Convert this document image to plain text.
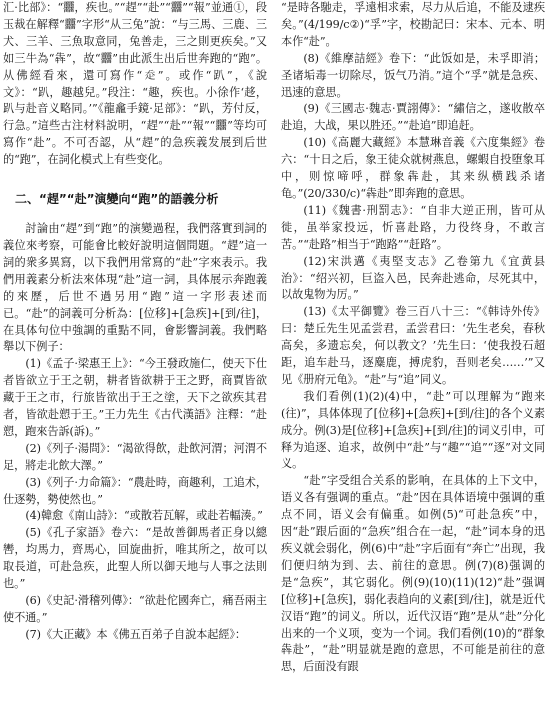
汇·比部》：“䨻，疾也。”“趕”“赴”“䨻”“報”並通①，段玉裁在解釋“䨻”字形“从三兔”說：“与三馬、三鹿、三犬、三羊、三魚取意同，兔善走，三之則更疾矣。”又如三牛為“犇”，故“䨻”由此派生出后世奔跑的“跑”。从佛經看來，還可寫作“𧺆”。或作“趴”，《說文》：“趴，趣越兒。”段注：“趣，疾也。小徐作‘趍，趴与赴音义略同。’”《龍龕手鏡·足部》：“趴，芳付反，行急。”這些古注材料說明，“趕”“赴”“報”“䨻”等均可寫作“赴”。不可否認，从“趕”的急疾義发展到后世的“跑”，在詞化模式上有些变化。

二、“趕”“赴”演變向“跑”的語義分析

討論由“趕”到“跑”的演變過程，我們落實到詞的義位來考察，可能會比較好說明這個問題。“趕”這一詞的衆多異寫，以下我們用常寫的“赴”字來表示。我們用義素分析法來体現“赴”這一詞，具体展示奔跑義的來歷，后世不過另用“跑”這一字形表述而已。“赴”的詞義可分析為：[位移]+[急疾]+[到/往]，在具体句位中強調的重點不同，會影響詞義。我們略舉以下例子：

(1)《孟子·梁惠王上》：“今王發政施仁，使天下仕者皆欲立于王之朝，耕者皆欲耕于王之野，商賈皆欲藏于王之市，行旅皆欲出于王之塗，天下之欲疾其君者，皆欲赴愬于王。”王力先生《古代漢語》注釋：“赴愬，跑來告訴(訴)。”

(2)《列子·湯問》：“渴欲得飲，赴飲河渭；河渭不足，將走北飲大澤。”

(3)《列子·力命篇》：“農赴時，商趣利，工追术，仕逐勢，勢使然也。”

(4)韓愈《南山詩》：“或散若瓦解，或赴若輻湊。”

(5)《孔子家語》卷六：“是故善御馬者正身以總轡，均馬力，齊馬心，回旋曲折，唯其所之，故可以取長道，可赴急疾，此聖人所以御天地与人事之法則也。”

(6)《史記·滑稽列傳》：“欲赴佗國奔亡，痛吾兩主使不通。”

(7)《大正藏》本《佛五百弟子自說本起經》：

“是時各馳走，孚遠相求索，尽力从后追，不能及逮疾矣。”(4/199/c②)“孚”字，校勘記曰：宋本、元本、明本作“赴”。

(8)《維摩詰經》卷下：“此饭如是，未孚即消；圣诸垢毒一切除尽，饭气乃消。”這个“孚”就是急疾、迅速的意思。

(9)《三國志·魏志·賈詡傳》：“繡信之，遂收散卒赴追，大战，果以胜还。”“赴追”即追赶。

(10)《高麗大藏經》本慧琳音義《六度集經》卷六：“十日之后，象王徒众就树燕息，螺蝦自投堕象耳中，则惊啼呼，群象犇赴，其来纵横践杀诸龟。”(20/330/c)“犇赴”即奔跑的意思。

(11)《魏書·刑罰志》：“自非大逆正刑，皆可从徙，虽举家投远，忻喜赴路，力役终身，不敢言苦。”“赴路”相当于“跑路”“赶路”。

(12)宋洪邁《夷堅支志》乙卷第九《宜黄县治》：“绍兴初，巨盗入邑，民奔赴逃命，尽死其中，以故鬼物为厉。”

(13)《太平御覽》卷三百八十三：“《韩诗外传》曰：楚丘先生见孟尝君，孟尝君曰：‘先生老矣，春秋高矣，多遗忘矣，何以教文？’先生曰：‘使我投石超距，追车赴马，逐麋鹿，搏虎豹，吾则老矣……’”又见《册府元龟》。“赴”与“追”同义。

我们看例(1)(2)(4)中，“赴”可以理解为“跑来(往)”，具体体现了[位移]+[急疾]+[到/往]的各个义素成分。例(3)是[位移]+[急疾]+[到/往]的词义引申，可释为追逐、追求，故例中“赴”与“趣”“追”“逐”对文同义。

“赴”字受组合关系的影响，在具体的上下文中，语义各有强调的重点。“赴”因在具体语境中强调的重点不同，语义会有偏重。如例(5)“可赴急疾”中，因“赴”跟后面的“急疾”组合在一起，“赴”词本身的迅疾义就会弱化，例(6)中“赴”字后面有“奔亡”出现，我们便归纳为到、去、前往的意思。例(7)(8)强调的是“急疾”，其它弱化。例(9)(10)(11)(12)“赴”强调[位移]+[急疾]，弱化表趋向的义素[到/往]，就是近代汉语“跑”的词义。所以，近代汉语“跑”是从“赴”分化出来的一个义项，变为一个词。我们看例(10)的“群象犇赴”，“赴”明显就是跑的意思，不可能是前往的意思，后面没有跟
